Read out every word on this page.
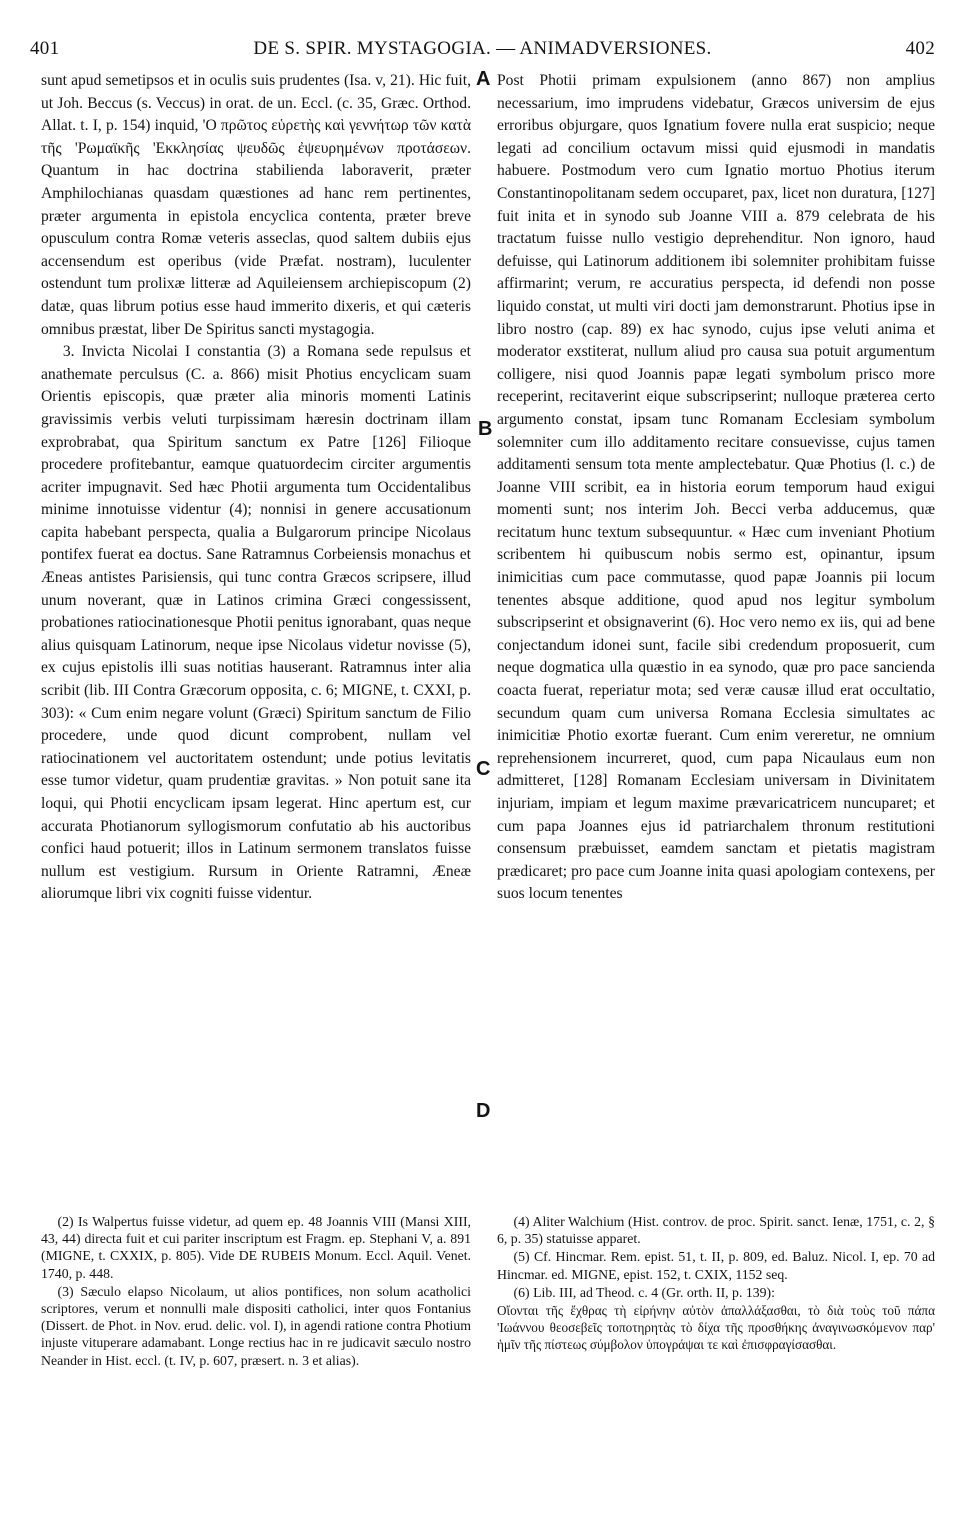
401	DE S. SPIR. MYSTAGOGIA. — ANIMADVERSIONES.	402
A
B
C
D

sunt apud semetipsos et in oculis suis prudentes (Isa. v, 21). Hic fuit, ut Joh. Beccus (s. Veccus) in orat. de un. Eccl. (c. 35, Græc. Orthod. Allat. t. I, p. 154) inquid, 'Ο πρῶτος εὑρετὴς καὶ γεννήτωρ τῶν κατὰ τῆς 'Ρωμαϊκῆς 'Εκκλησίας ψευδῶς ἐψευρημένων προτάσεων. Quantum in hac doctrina stabilienda laboraverit, præter Amphilochianas quasdam quæstiones ad hanc rem pertinentes, præter argumenta in epistola encyclica contenta, præter breve opusculum contra Romæ veteris asseclas, quod saltem dubiis ejus accensendum est operibus (vide Præfat. nostram), luculenter ostendunt tum prolixæ litteræ ad Aquileiensem archiepiscopum (2) datæ, quas librum potius esse haud immerito dixeris, et qui cæteris omnibus præstat, liber De Spiritus sancti mystagogia.

3. Invicta Nicolai I constantia (3) a Romana sede repulsus et anathemate perculsus (C. a. 866) misit Photius encyclicam suam Orientis episcopis, quæ præter alia minoris momenti Latinis gravissimis verbis veluti turpissimam hæresin doctrinam illam exprobrabat, qua Spiritum sanctum ex Patre [126] Filioque procedere profitebantur, eamque quatuordecim circiter argumentis acriter impugnavit. Sed hæc Photii argumenta tum Occidentalibus minime innotuisse videntur (4); nonnisi in genere accusationum capita habebant perspecta, qualia a Bulgarorum principe Nicolaus pontifex fuerat ea doctus. Sane Ratramnus Corbeiensis monachus et Æneas antistes Parisiensis, qui tunc contra Græcos scripsere, illud unum noverant, quæ in Latinos crimina Græci congessissent, probationes ratiocinationesque Photii penitus ignorabant, quas neque alius quisquam Latinorum, neque ipse Nicolaus videtur novisse (5), ex cujus epistolis illi suas notitias hauserant. Ratramnus inter alia scribit (lib. III Contra Græcorum opposita, c. 6; MIGNE, t. CXXI, p. 303): « Cum enim negare volunt (Græci) Spiritum sanctum de Filio procedere, unde quod dicunt comprobent, nullam vel ratiocinationem vel auctoritatem ostendunt; unde potius levitatis esse tumor videtur, quam prudentiæ gravitas. » Non potuit sane ita loqui, qui Photii encyclicam ipsam legerat. Hinc apertum est, cur accurata Photianorum syllogismorum confutatio ab his auctoribus confici haud potuerit; illos in Latinum sermonem translatos fuisse nullum est vestigium. Rursum in Oriente Ratramni, Æneæ aliorumque libri vix cogniti fuisse videntur.

Post Photii primam expulsionem (anno 867) non amplius necessarium, imo imprudens videbatur, Græcos universim de ejus erroribus objurgare, quos Ignatium fovere nulla erat suspicio; neque legati ad concilium octavum missi quid ejusmodi in mandatis habuere. Postmodum vero cum Ignatio mortuo Photius iterum Constantinopolitanam sedem occuparet, pax, licet non duratura, [127] fuit inita et in synodo sub Joanne VIII a. 879 celebrata de his tractatum fuisse nullo vestigio deprehenditur. Non ignoro, haud defuisse, qui Latinorum additionem ibi solemniter prohibitam fuisse affirmarint; verum, re accuratius perspecta, id defendi non posse liquido constat, ut multi viri docti jam demonstrarunt. Photius ipse in libro nostro (cap. 89) ex hac synodo, cujus ipse veluti anima et moderator exstiterat, nullum aliud pro causa sua potuit argumentum colligere, nisi quod Joannis papæ legati symbolum prisco more receperint, recitaverint eique subscripserint; nulloque præterea certo argumento constat, ipsam tunc Romanam Ecclesiam symbolum solemniter cum illo additamento recitare consuevisse, cujus tamen additamenti sensum tota mente amplectebatur. Quæ Photius (l. c.) de Joanne VIII scribit, ea in historia eorum temporum haud exigui momenti sunt; nos interim Joh. Becci verba adducemus, quæ recitatum hunc textum subsequuntur. « Hæc cum inveniant Photium scribentem hi quibuscum nobis sermo est, opinantur, ipsum inimicitias cum pace commutasse, quod papæ Joannis pii locum tenentes absque additione, quod apud nos legitur symbolum subscripserint et obsignaverint (6). Hoc vero nemo ex iis, qui ad bene conjectandum idonei sunt, facile sibi credendum proposuerit, cum neque dogmatica ulla quæstio in ea synodo, quæ pro pace sancienda coacta fuerat, reperiatur mota; sed veræ causæ illud erat occultatio, secundum quam cum universa Romana Ecclesia simultates ac inimicitiæ Photio exortæ fuerant. Cum enim vereretur, ne omnium reprehensionem incurreret, quod, cum papa Nicaulaus eum non admitteret, [128] Romanam Ecclesiam universam in Divinitatem injuriam, impiam et legum maxime prævaricatricem nuncuparet; et cum papa Joannes ejus id patriarchalem thronum restitutioni consensum præbuisset, eamdem sanctam et pietatis magistram prædicaret; pro pace cum Joanne inita quasi apologiam contexens, per suos locum tenentes

(2) Is Walpertus fuisse videtur, ad quem ep. 48 Joannis VIII (Mansi XIII, 43, 44) directa fuit et cui pariter inscriptum est Fragm. ep. Stephani V, a. 891 (MIGNE, t. CXXIX, p. 805). Vide DE RUBEIS Monum. Eccl. Aquil. Venet. 1740, p. 448.

(3) Sæculo elapso Nicolaum, ut alios pontifices, non solum acatholici scriptores, verum et nonnulli male dispositi catholici, inter quos Fontanius (Dissert. de Phot. in Nov. erud. delic. vol. I), in agendi ratione contra Photium injuste vituperare adamabant. Longe rectius hac in re judicavit sæculo nostro Neander in Hist. eccl. (t. IV, p. 607, præsert. n. 3 et alias).

(4) Aliter Walchium (Hist. controv. de proc. Spirit. sanct. Ienæ, 1751, c. 2, § 6, p. 35) statuisse apparet.

(5) Cf. Hincmar. Rem. epist. 51, t. II, p. 809, ed. Baluz. Nicol. I, ep. 70 ad Hincmar. ed. MIGNE, epist. 152, t. CXIX, 1152 seq.

(6) Lib. III, ad Theod. c. 4 (Gr. orth. II, p. 139):

Οἴονται τῆς ἔχθρας τὴ εἰρήνην αὐτὸν ἀπαλλάξασθαι, τὸ διὰ τοὺς τοῦ πάπα 'Ιωάννου θεοσεβεῖς τοποτηρητὰς τὸ δίχα τῆς προσθήκης ἀναγινωσκόμενον παρ' ἡμῖν τῆς πίστεως σύμβολον ὑπογράψαι τε καὶ ἐπισφραγίσασθαι.
